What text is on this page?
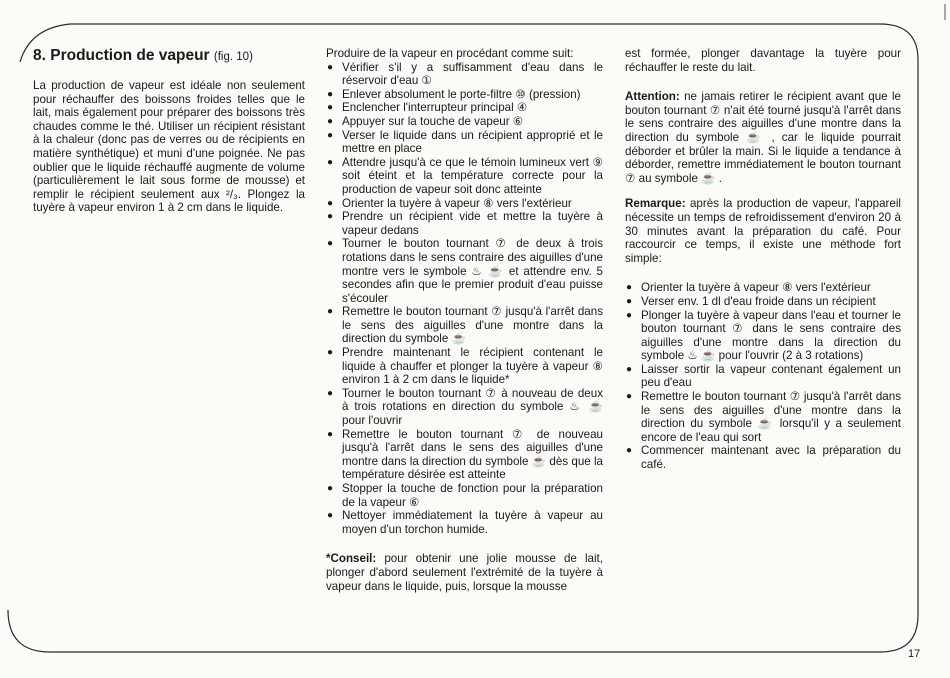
8. Production de vapeur (fig. 10)

La production de vapeur est idéale non seulement pour réchauffer des boissons froides telles que le lait, mais également pour préparer des boissons très chaudes comme le thé. Utiliser un récipient résistant à la chaleur (donc pas de verres ou de récipients en matière synthétique) et muni d'une poignée. Ne pas oublier que le liquide réchauffé augmente de volume (particulièrement le lait sous forme de mousse) et remplir le récipient seulement aux ²/₃. Plongez la tuyère à vapeur environ 1 à 2 cm dans le liquide.

Produire de la vapeur en procédant comme suit:

● Vérifier s'il y a suffisamment d'eau dans le réservoir d'eau ①
● Enlever absolument le porte-filtre ⑩ (pression)
● Enclencher l'interrupteur principal ④
● Appuyer sur la touche de vapeur ⑥
● Verser le liquide dans un récipient approprié et le mettre en place
● Attendre jusqu'à ce que le témoin lumineux vert ⑨ soit éteint et la température correcte pour la production de vapeur soit donc atteinte
● Orienter la tuyère à vapeur ⑧ vers l'extérieur
● Prendre un récipient vide et mettre la tuyère à vapeur dedans
● Tourner le bouton tournant ⑦ de deux à trois rotations dans le sens contraire des aiguilles d'une montre vers le symbole ♨ ☕ et attendre env. 5 secondes afin que le premier produit d'eau puisse s'écouler
● Remettre le bouton tournant ⑦ jusqu'à l'arrêt dans le sens des aiguilles d'une montre dans la direction du symbole ☕
● Prendre maintenant le récipient contenant le liquide à chauffer et plonger la tuyère à vapeur ⑧ environ 1 à 2 cm dans le liquide*
● Tourner le bouton tournant ⑦ à nouveau de deux à trois rotations en direction du symbole ♨ ☕ pour l'ouvrir
● Remettre le bouton tournant ⑦ de nouveau jusqu'à l'arrêt dans le sens des aiguilles d'une montre dans la direction du symbole ☕ dès que la température désirée est atteinte
● Stopper la touche de fonction pour la préparation de la vapeur ⑥
● Nettoyer immédiatement la tuyère à vapeur au moyen d'un torchon humide.

*Conseil: pour obtenir une jolie mousse de lait, plonger d'abord seulement l'extrémité de la tuyère à vapeur dans le liquide, puis, lorsque la mousse

est formée, plonger davantage la tuyère pour réchauffer le reste du lait.

Attention: ne jamais retirer le récipient avant que le bouton tournant ⑦ n'ait été tourné jusqu'à l'arrêt dans le sens contraire des aiguilles d'une montre dans la direction du symbole ☕ , car le liquide pourrait déborder et brûler la main. Si le liquide a tendance à déborder, remettre immédiatement le bouton tournant ⑦ au symbole ☕ .

Remarque: après la production de vapeur, l'appareil nécessite un temps de refroidissement d'environ 20 à 30 minutes avant la préparation du café. Pour raccourcir ce temps, il existe une méthode fort simple:

● Orienter la tuyère à vapeur ⑧ vers l'extérieur
● Verser env. 1 dl d'eau froide dans un récipient
● Plonger la tuyère à vapeur dans l'eau et tourner le bouton tournant ⑦ dans le sens contraire des aiguilles d'une montre dans la direction du symbole ♨ ☕ pour l'ouvrir (2 à 3 rotations)
● Laisser sortir la vapeur contenant également un peu d'eau
● Remettre le bouton tournant ⑦ jusqu'à l'arrêt dans le sens des aiguilles d'une montre dans la direction du symbole ☕ lorsqu'il y a seulement encore de l'eau qui sort
● Commencer maintenant avec la préparation du café.
17
